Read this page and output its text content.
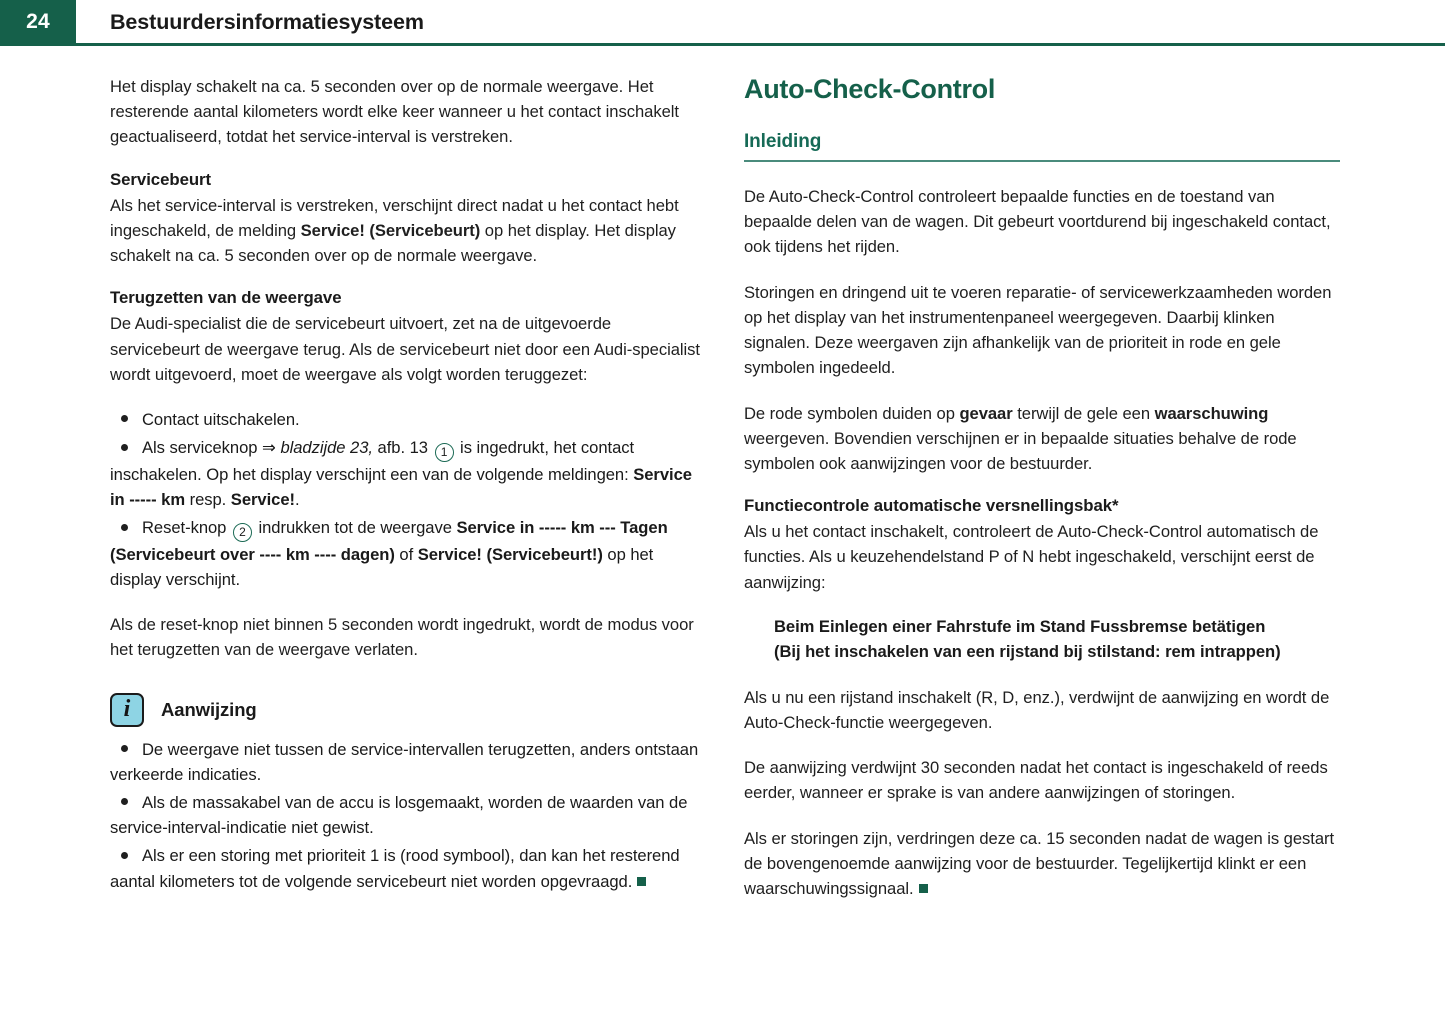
24	Bestuurdersinformatiesysteem

Het display schakelt na ca. 5 seconden over op de normale weergave. Het resterende aantal kilometers wordt elke keer wanneer u het contact inschakelt geactualiseerd, totdat het service-interval is verstreken.

Servicebeurt

Als het service-interval is verstreken, verschijnt direct nadat u het contact hebt ingeschakeld, de melding Service! (Servicebeurt) op het display. Het display schakelt na ca. 5 seconden over op de normale weergave.

Terugzetten van de weergave

De Audi-specialist die de servicebeurt uitvoert, zet na de uitgevoerde servicebeurt de weergave terug. Als de servicebeurt niet door een Audi-specialist wordt uitgevoerd, moet de weergave als volgt worden teruggezet:

Contact uitschakelen.
Als serviceknop ⇒ bladzijde 23, afb. 13 1 is ingedrukt, het contact inschakelen. Op het display verschijnt een van de volgende meldingen: Service in ----- km resp. Service!.
Reset-knop 2 indrukken tot de weergave Service in ----- km --- Tagen (Servicebeurt over ---- km ---- dagen) of Service! (Servicebeurt!) op het display verschijnt.

Als de reset-knop niet binnen 5 seconden wordt ingedrukt, wordt de modus voor het terugzetten van de weergave verlaten.

i Aanwijzing
De weergave niet tussen de service-intervallen terugzetten, anders ontstaan verkeerde indicaties.
Als de massakabel van de accu is losgemaakt, worden de waarden van de service-interval-indicatie niet gewist.
Als er een storing met prioriteit 1 is (rood symbool), dan kan het resterend aantal kilometers tot de volgende servicebeurt niet worden opgevraagd.
Auto-Check-Control
Inleiding

De Auto-Check-Control controleert bepaalde functies en de toestand van bepaalde delen van de wagen. Dit gebeurt voortdurend bij ingeschakeld contact, ook tijdens het rijden.

Storingen en dringend uit te voeren reparatie- of servicewerkzaamheden worden op het display van het instrumentenpaneel weergegeven. Daarbij klinken signalen. Deze weergaven zijn afhankelijk van de prioriteit in rode en gele symbolen ingedeeld.

De rode symbolen duiden op gevaar terwijl de gele een waarschuwing weergeven. Bovendien verschijnen er in bepaalde situaties behalve de rode symbolen ook aanwijzingen voor de bestuurder.

Functiecontrole automatische versnellingsbak*

Als u het contact inschakelt, controleert de Auto-Check-Control automatisch de functies. Als u keuzehendelstand P of N hebt ingeschakeld, verschijnt eerst de aanwijzing:

Beim Einlegen einer Fahrstufe im Stand Fussbremse betätigen
(Bij het inschakelen van een rijstand bij stilstand: rem intrappen)

Als u nu een rijstand inschakelt (R, D, enz.), verdwijnt de aanwijzing en wordt de Auto-Check-functie weergegeven.

De aanwijzing verdwijnt 30 seconden nadat het contact is ingeschakeld of reeds eerder, wanneer er sprake is van andere aanwijzingen of storingen.

Als er storingen zijn, verdringen deze ca. 15 seconden nadat de wagen is gestart de bovengenoemde aanwijzing voor de bestuurder. Tegelijkertijd klinkt er een waarschuwingssignaal.
